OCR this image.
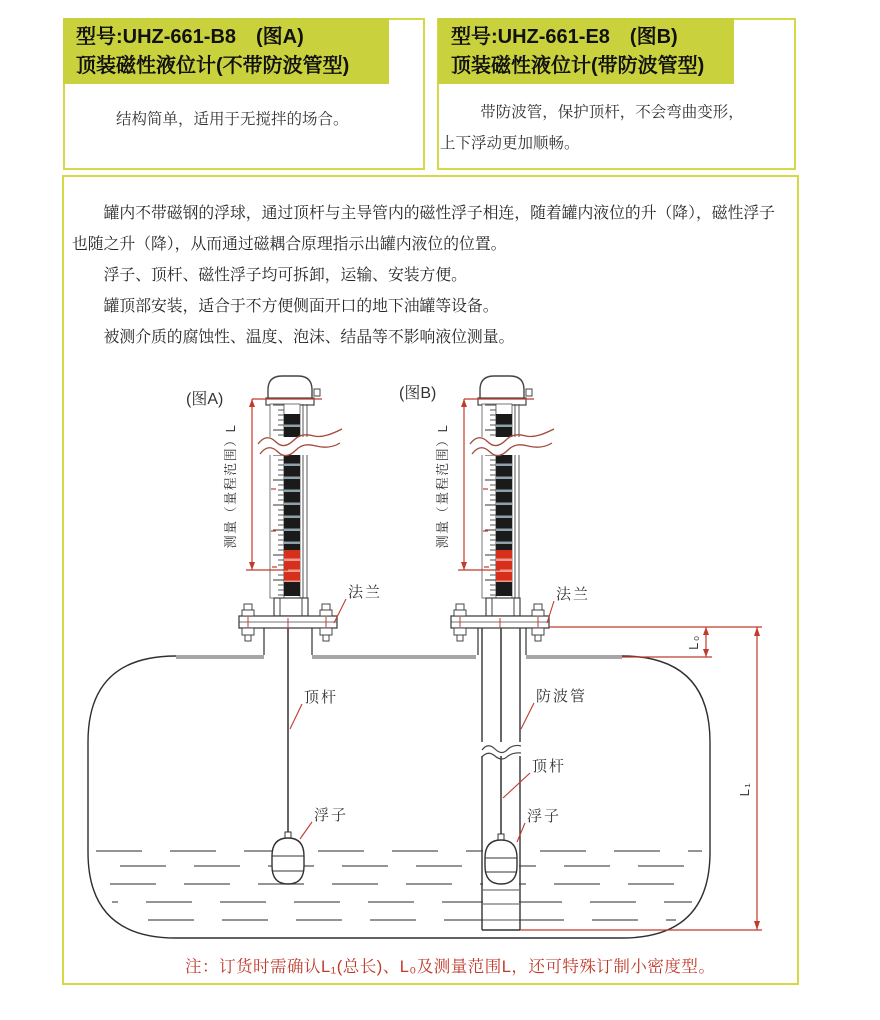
型号:UHZ-661-B8　(图A)
顶装磁性液位计(不带防波管型)
型号:UHZ-661-E8　(图B)
顶装磁性液位计(带防波管型)
结构简单，适用于无搅拌的场合。	带防波管，保护顶杆，不会弯曲变形，上下浮动更加顺畅。
罐内不带磁钢的浮球，通过顶杆与主导管内的磁性浮子相连，随着罐内液位的升（降），磁性浮子也随之升（降），从而通过磁耦合原理指示出罐内液位的位置。
浮子、顶杆、磁性浮子均可拆卸，运输、安装方便。
罐顶部安装，适合于不方便侧面开口的地下油罐等设备。
被测介质的腐蚀性、温度、泡沫、结晶等不影响液位测量。
测量（量程范围）L	测量（量程范围）L
L₀
L₁
(图A)	(图B)
法兰	法兰
顶杆
浮子
防波管
顶杆
浮子
注：订货时需确认L₁(总长)、L₀及测量范围L，还可特殊订制小密度型。
